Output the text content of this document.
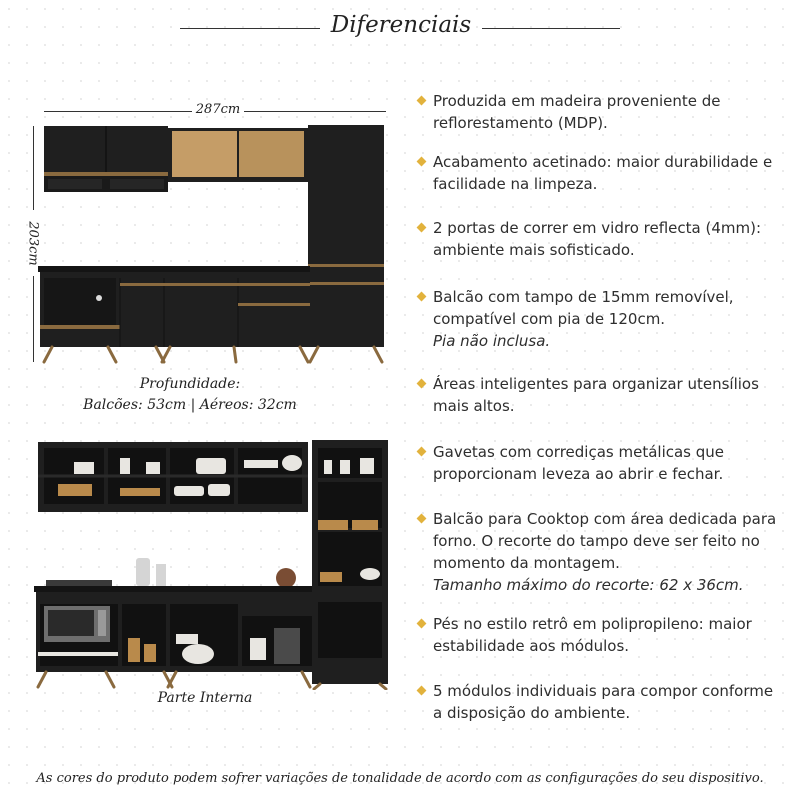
Diferenciais
287cm
203cm
Profundidade:
Balcões: 53cm | Aéreos: 32cm
Parte Interna
Produzida em madeira proveniente de
reflorestamento (MDP).
Acabamento acetinado: maior durabilidade e
facilidade na limpeza.
2 portas de correr em vidro reflecta (4mm):
ambiente mais sofisticado.
Balcão com tampo de 15mm removível,
compatível com pia de 120cm.
Pia não inclusa.
Áreas inteligentes para organizar utensílios
mais altos.
Gavetas com corrediças metálicas que
proporcionam leveza ao abrir e fechar.
Balcão para Cooktop com área dedicada para
forno. O recorte do tampo deve ser feito no
momento da montagem.
Tamanho máximo do recorte: 62 x 36cm.
Pés no estilo retrô em polipropileno: maior
estabilidade aos módulos.
5 módulos individuais para compor conforme
a disposição do ambiente.
As cores do produto podem sofrer variações de tonalidade de acordo com as configurações do seu dispositivo.
